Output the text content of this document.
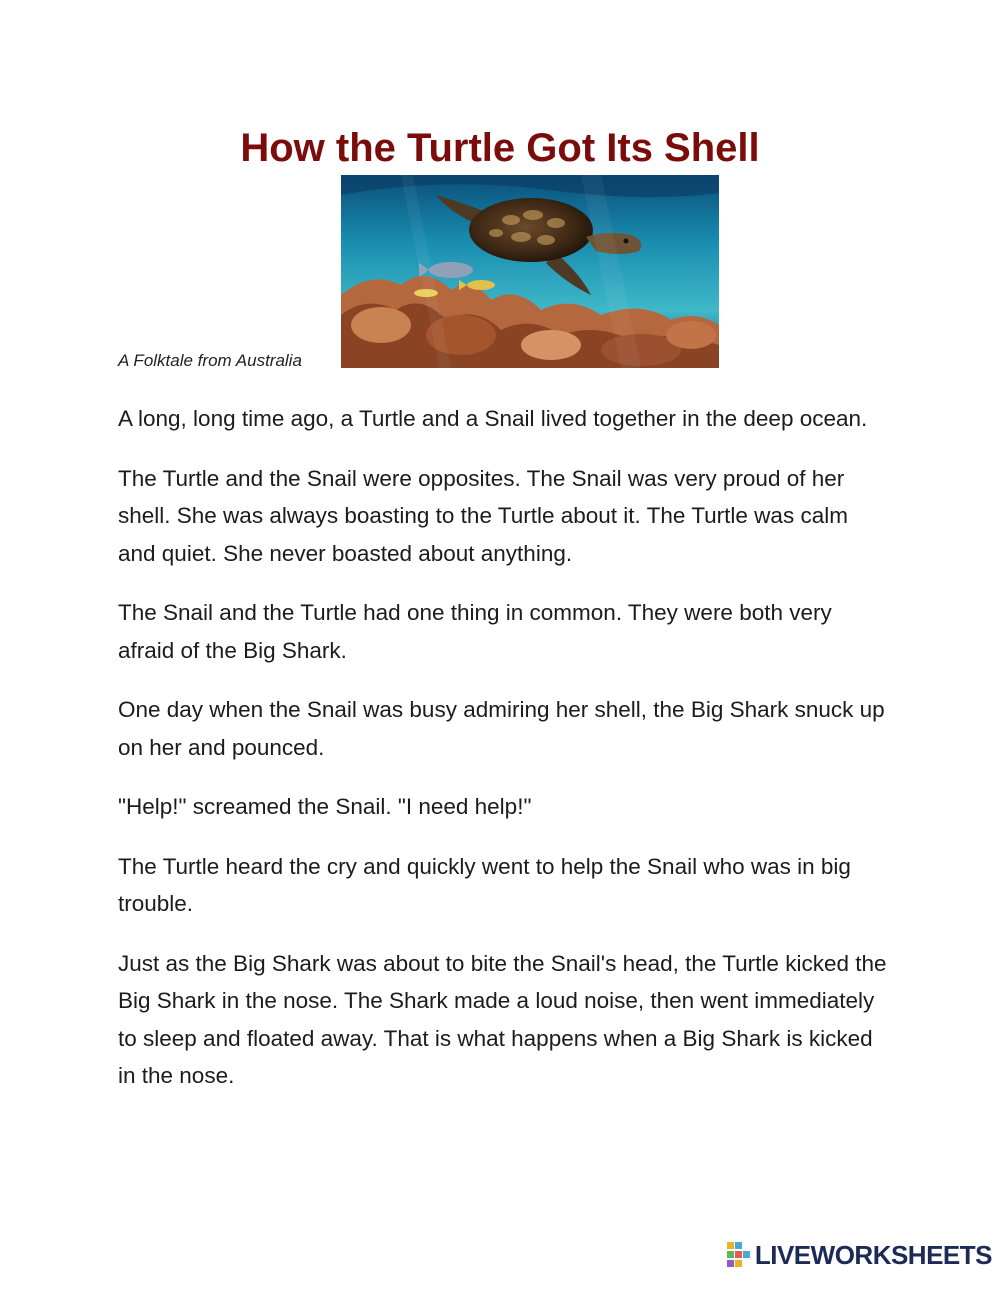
How the Turtle Got Its Shell

A Folktale from Australia

A long, long time ago, a Turtle and a Snail lived together in the deep ocean.

The Turtle and the Snail were opposites. The Snail was very proud of her shell. She was always boasting to the Turtle about it. The Turtle was calm and quiet. She never boasted about anything.

The Snail and the Turtle had one thing in common. They were both very afraid of the Big Shark.

One day when the Snail was busy admiring her shell, the Big Shark snuck up on her and pounced.

"Help!" screamed the Snail. "I need help!"

The Turtle heard the cry and quickly went to help the Snail who was in big trouble.

Just as the Big Shark was about to bite the Snail's head, the Turtle kicked the Big Shark in the nose. The Shark made a loud noise, then went immediately to sleep and floated away. That is what happens when a Big Shark is kicked in the nose.

LIVEWORKSHEETS
